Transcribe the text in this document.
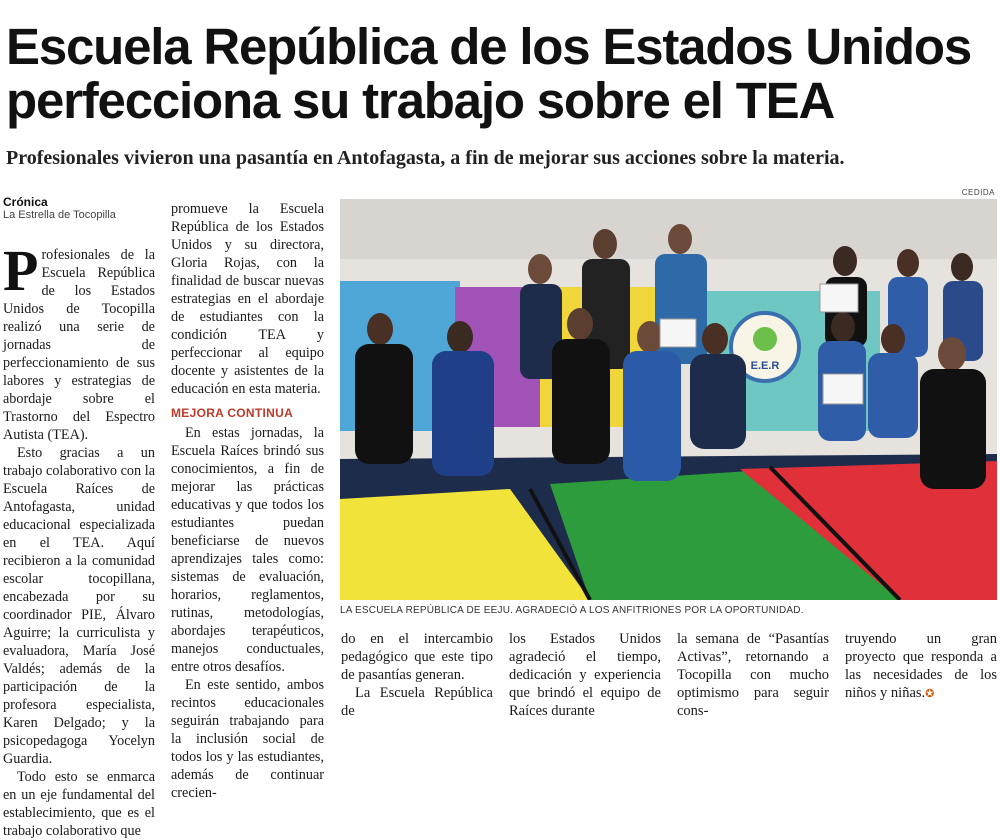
Escuela República de los Estados Unidos
perfecciona su trabajo sobre el TEA
Profesionales vivieron una pasantía en Antofagasta, a fin de mejorar sus acciones sobre la materia.
Crónica
La Estrella de Tocopilla
CEDIDA

Profesionales de la Escuela República de los Estados Unidos de Tocopilla realizó una serie de jornadas de perfeccionamiento de sus labores y estrategias de abordaje sobre el Trastorno del Espectro Autista (TEA).

Esto gracias a un trabajo colaborativo con la Escuela Raíces de Antofagasta, unidad educacional especializada en el TEA. Aquí recibieron a la comunidad escolar tocopillana, encabezada por su coordinador PIE, Álvaro Aguirre; la curriculista y evaluadora, María José Valdés; además de la participación de la profesora especialista, Karen Delgado; y la psicopedagoga Yocelyn Guardia.

Todo esto se enmarca en un eje fundamental del establecimiento, que es el trabajo colaborativo que

promueve la Escuela República de los Estados Unidos y su directora, Gloria Rojas, con la finalidad de buscar nuevas estrategias en el abordaje de estudiantes con la condición TEA y perfeccionar al equipo docente y asistentes de la educación en esta materia.

MEJORA CONTINUA

En estas jornadas, la Escuela Raíces brindó sus conocimientos, a fin de mejorar las prácticas educativas y que todos los estudiantes puedan beneficiarse de nuevos aprendizajes tales como: sistemas de evaluación, horarios, reglamentos, rutinas, metodologías, abordajes terapéuticos, manejos conductuales, entre otros desafíos.

En este sentido, ambos recintos educacionales seguirán trabajando para la inclusión social de todos los y las estudiantes, además de continuar crecien-

E.E.R
LA ESCUELA REPÚBLICA DE EEJU. AGRADECIÓ A LOS ANFITRIONES POR LA OPORTUNIDAD.

do en el intercambio pedagógico que este tipo de pasantías generan.

La Escuela República de

los Estados Unidos agradeció el tiempo, dedicación y experiencia que brindó el equipo de Raíces durante

la semana de “Pasantías Activas”, retornando a Tocopilla con mucho optimismo para seguir cons-

truyendo un gran proyecto que responda a las necesidades de los niños y niñas.✪
